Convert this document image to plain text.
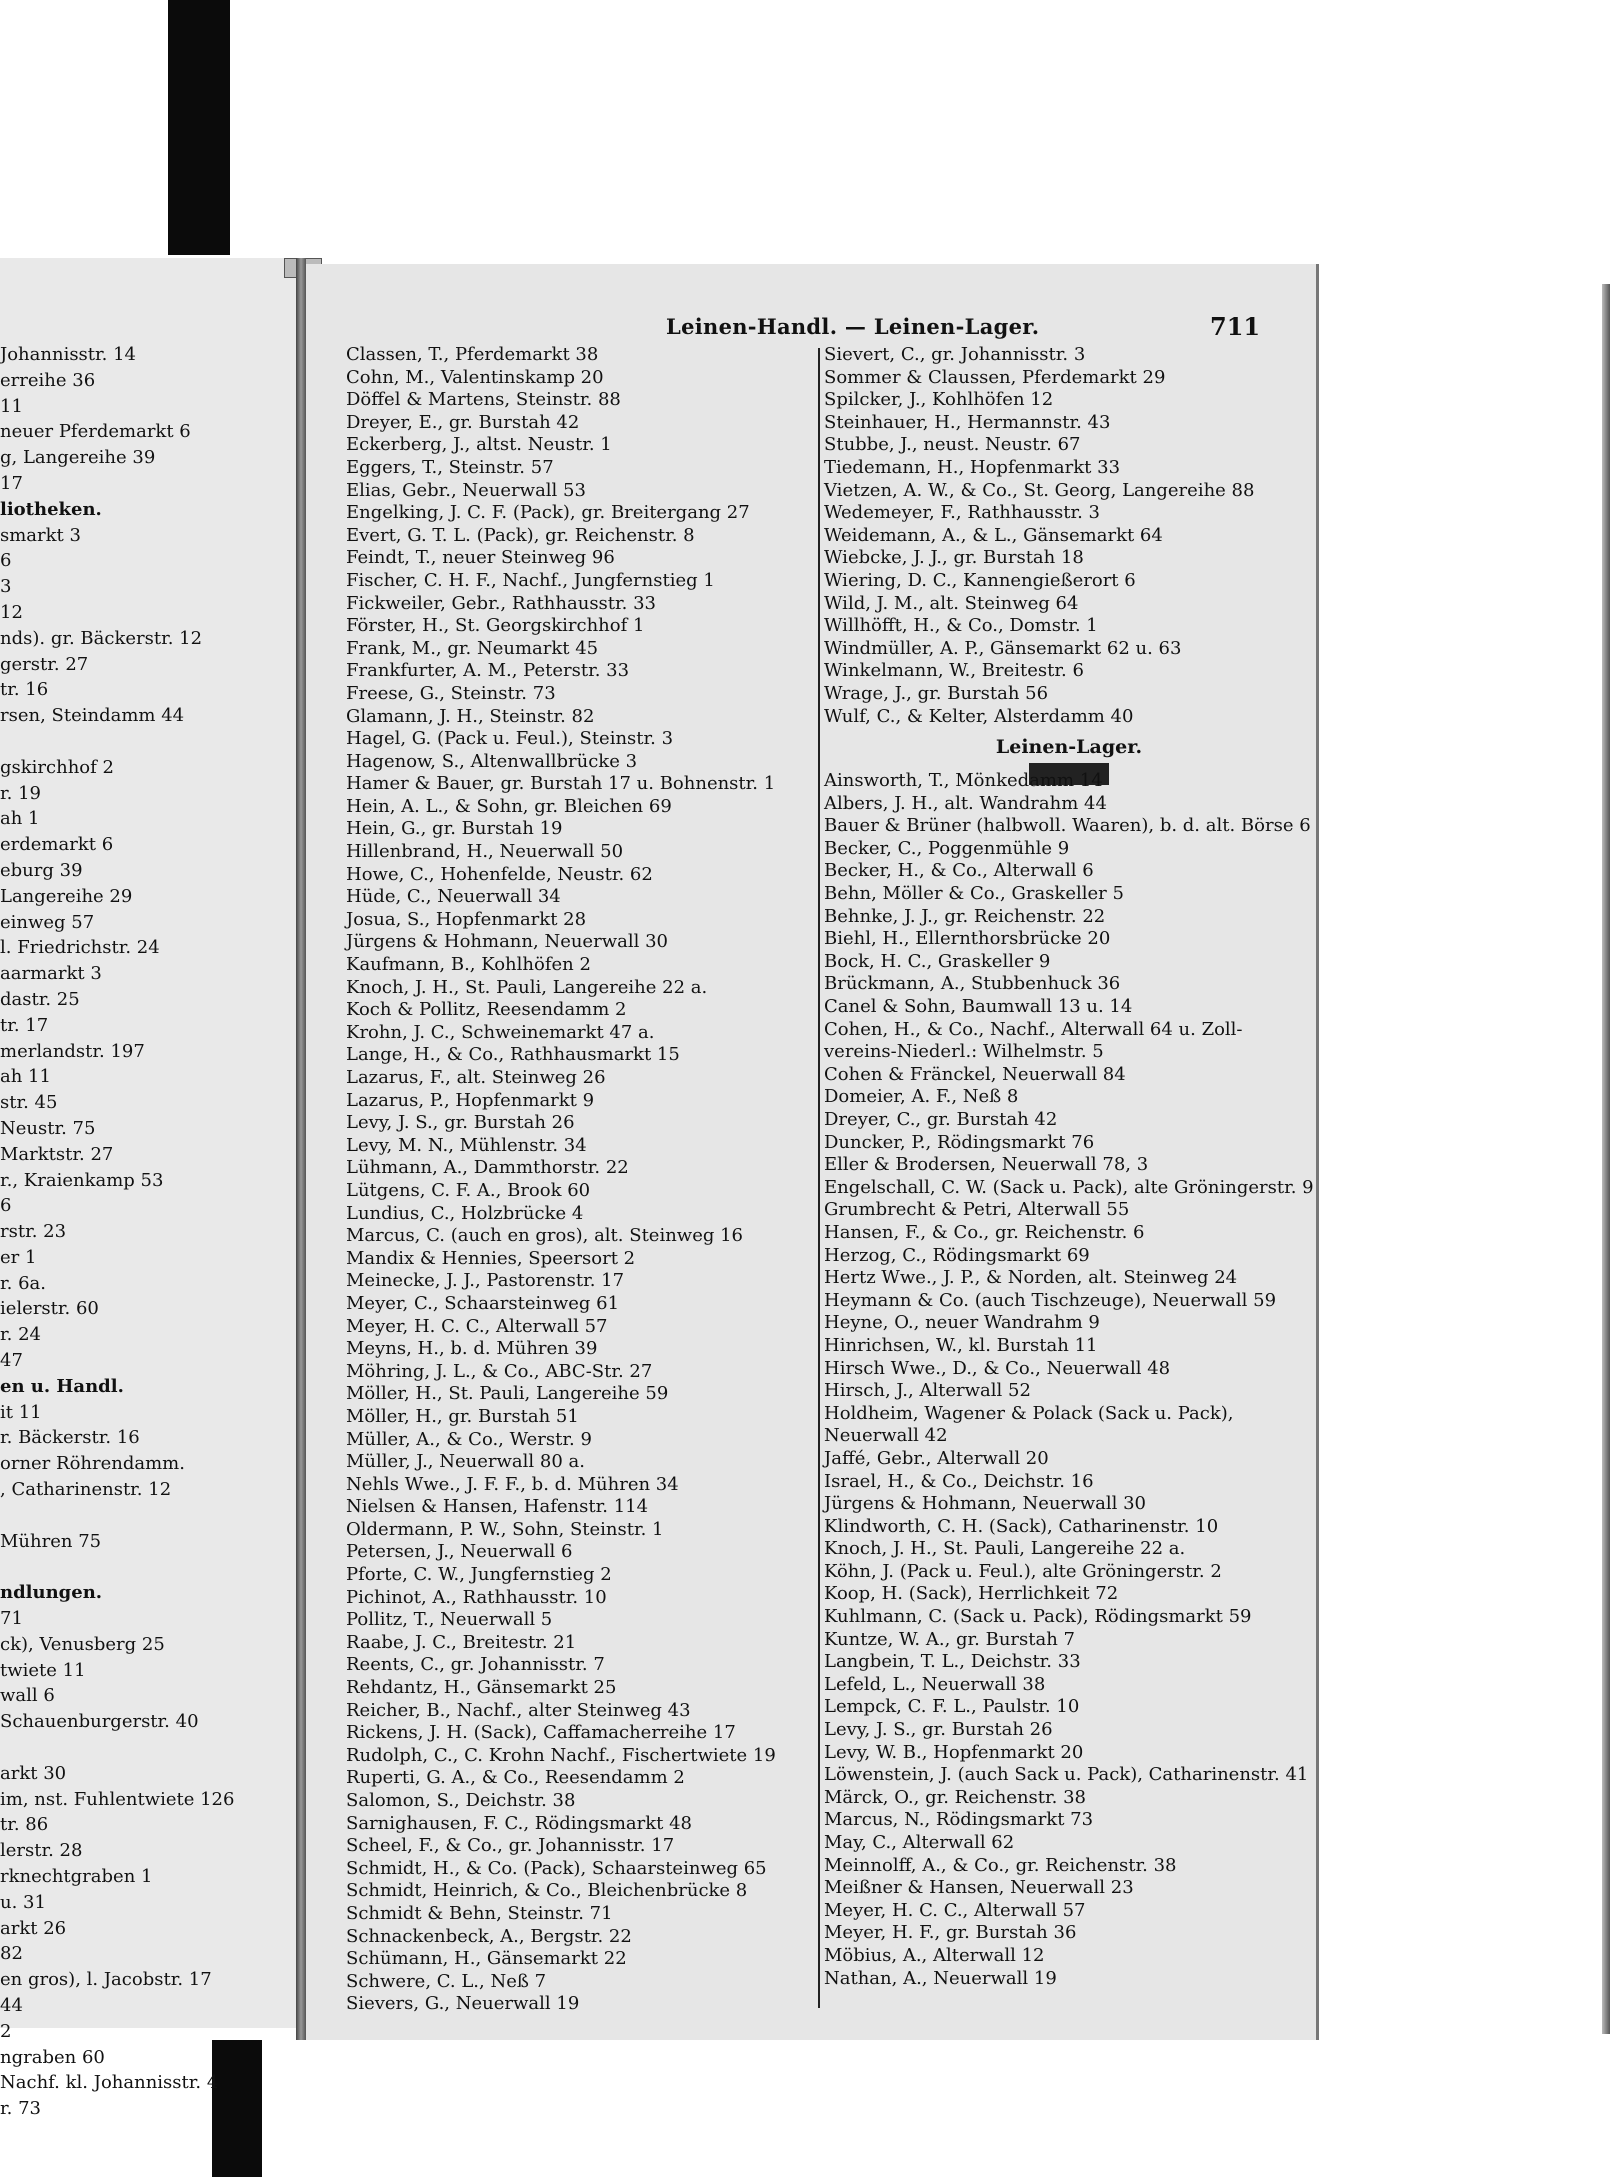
Johannisstr. 14
erreihe 36
11
neuer Pferdemarkt 6
g, Langereihe 39
17
liotheken.
smarkt 3
6
3
12
nds). gr. Bäckerstr. 12
gerstr. 27
tr. 16
rsen, Steindamm 44
gskirchhof 2
r. 19
ah 1
erdemarkt 6
eburg 39
Langereihe 29
einweg 57
l. Friedrichstr. 24
aarmarkt 3
dastr. 25
tr. 17
merlandstr. 197
ah 11
str. 45
Neustr. 75
Marktstr. 27
r., Kraienkamp 53
6
rstr. 23
er 1
r. 6a.
ielerstr. 60
r. 24
47
en u. Handl.
it 11
r. Bäckerstr. 16
orner Röhrendamm.
, Catharinenstr. 12
Mühren 75
ndlungen.
71
ck), Venusberg 25
twiete 11
wall 6
Schauenburgerstr. 40
arkt 30
im, nst. Fuhlentwiete 126
tr. 86
lerstr. 28
rknechtgraben 1
u. 31
arkt 26
82
en gros), l. Jacobstr. 17
44
2
ngraben 60
Nachf. kl. Johannisstr. 4
r. 73
Leinen-Handl. — Leinen-Lager.	711
Classen, T., Pferdemarkt 38
Cohn, M., Valentinskamp 20
Döffel & Martens, Steinstr. 88
Dreyer, E., gr. Burstah 42
Eckerberg, J., altst. Neustr. 1
Eggers, T., Steinstr. 57
Elias, Gebr., Neuerwall 53
Engelking, J. C. F. (Pack), gr. Breitergang 27
Evert, G. T. L. (Pack), gr. Reichenstr. 8
Feindt, T., neuer Steinweg 96
Fischer, C. H. F., Nachf., Jungfernstieg 1
Fickweiler, Gebr., Rathhausstr. 33
Förster, H., St. Georgskirchhof 1
Frank, M., gr. Neumarkt 45
Frankfurter, A. M., Peterstr. 33
Freese, G., Steinstr. 73
Glamann, J. H., Steinstr. 82
Hagel, G. (Pack u. Feul.), Steinstr. 3
Hagenow, S., Altenwallbrücke 3
Hamer & Bauer, gr. Burstah 17 u. Bohnenstr. 1
Hein, A. L., & Sohn, gr. Bleichen 69
Hein, G., gr. Burstah 19
Hillenbrand, H., Neuerwall 50
Howe, C., Hohenfelde, Neustr. 62
Hüde, C., Neuerwall 34
Josua, S., Hopfenmarkt 28
Jürgens & Hohmann, Neuerwall 30
Kaufmann, B., Kohlhöfen 2
Knoch, J. H., St. Pauli, Langereihe 22 a.
Koch & Pollitz, Reesendamm 2
Krohn, J. C., Schweinemarkt 47 a.
Lange, H., & Co., Rathhausmarkt 15
Lazarus, F., alt. Steinweg 26
Lazarus, P., Hopfenmarkt 9
Levy, J. S., gr. Burstah 26
Levy, M. N., Mühlenstr. 34
Lühmann, A., Dammthorstr. 22
Lütgens, C. F. A., Brook 60
Lundius, C., Holzbrücke 4
Marcus, C. (auch en gros), alt. Steinweg 16
Mandix & Hennies, Speersort 2
Meinecke, J. J., Pastorenstr. 17
Meyer, C., Schaarsteinweg 61
Meyer, H. C. C., Alterwall 57
Meyns, H., b. d. Mühren 39
Möhring, J. L., & Co., ABC-Str. 27
Möller, H., St. Pauli, Langereihe 59
Möller, H., gr. Burstah 51
Müller, A., & Co., Werstr. 9
Müller, J., Neuerwall 80 a.
Nehls Wwe., J. F. F., b. d. Mühren 34
Nielsen & Hansen, Hafenstr. 114
Oldermann, P. W., Sohn, Steinstr. 1
Petersen, J., Neuerwall 6
Pforte, C. W., Jungfernstieg 2
Pichinot, A., Rathhausstr. 10
Pollitz, T., Neuerwall 5
Raabe, J. C., Breitestr. 21
Reents, C., gr. Johannisstr. 7
Rehdantz, H., Gänsemarkt 25
Reicher, B., Nachf., alter Steinweg 43
Rickens, J. H. (Sack), Caffamacherreihe 17
Rudolph, C., C. Krohn Nachf., Fischertwiete 19
Ruperti, G. A., & Co., Reesendamm 2
Salomon, S., Deichstr. 38
Sarnighausen, F. C., Rödingsmarkt 48
Scheel, F., & Co., gr. Johannisstr. 17
Schmidt, H., & Co. (Pack), Schaarsteinweg 65
Schmidt, Heinrich, & Co., Bleichenbrücke 8
Schmidt & Behn, Steinstr. 71
Schnackenbeck, A., Bergstr. 22
Schümann, H., Gänsemarkt 22
Schwere, C. L., Neß 7
Sievers, G., Neuerwall 19
Sievert, C., gr. Johannisstr. 3
Sommer & Claussen, Pferdemarkt 29
Spilcker, J., Kohlhöfen 12
Steinhauer, H., Hermannstr. 43
Stubbe, J., neust. Neustr. 67
Tiedemann, H., Hopfenmarkt 33
Vietzen, A. W., & Co., St. Georg, Langereihe 88
Wedemeyer, F., Rathhausstr. 3
Weidemann, A., & L., Gänsemarkt 64
Wiebcke, J. J., gr. Burstah 18
Wiering, D. C., Kannengießerort 6
Wild, J. M., alt. Steinweg 64
Willhöfft, H., & Co., Domstr. 1
Windmüller, A. P., Gänsemarkt 62 u. 63
Winkelmann, W., Breitestr. 6
Wrage, J., gr. Burstah 56
Wulf, C., & Kelter, Alsterdamm 40
Leinen-Lager.
Ainsworth, T., Mönkedamm 14
Albers, J. H., alt. Wandrahm 44
Bauer & Brüner (halbwoll. Waaren), b. d. alt. Börse 6
Becker, C., Poggenmühle 9
Becker, H., & Co., Alterwall 6
Behn, Möller & Co., Graskeller 5
Behnke, J. J., gr. Reichenstr. 22
Biehl, H., Ellernthorsbrücke 20
Bock, H. C., Graskeller 9
Brückmann, A., Stubbenhuck 36
Canel & Sohn, Baumwall 13 u. 14
Cohen, H., & Co., Nachf., Alterwall 64 u. Zoll-
vereins-Niederl.: Wilhelmstr. 5
Cohen & Fränckel, Neuerwall 84
Domeier, A. F., Neß 8
Dreyer, C., gr. Burstah 42
Duncker, P., Rödingsmarkt 76
Eller & Brodersen, Neuerwall 78, 3
Engelschall, C. W. (Sack u. Pack), alte Gröningerstr. 9
Grumbrecht & Petri, Alterwall 55
Hansen, F., & Co., gr. Reichenstr. 6
Herzog, C., Rödingsmarkt 69
Hertz Wwe., J. P., & Norden, alt. Steinweg 24
Heymann & Co. (auch Tischzeuge), Neuerwall 59
Heyne, O., neuer Wandrahm 9
Hinrichsen, W., kl. Burstah 11
Hirsch Wwe., D., & Co., Neuerwall 48
Hirsch, J., Alterwall 52
Holdheim, Wagener & Polack (Sack u. Pack),
Neuerwall 42
Jaffé, Gebr., Alterwall 20
Israel, H., & Co., Deichstr. 16
Jürgens & Hohmann, Neuerwall 30
Klindworth, C. H. (Sack), Catharinenstr. 10
Knoch, J. H., St. Pauli, Langereihe 22 a.
Köhn, J. (Pack u. Feul.), alte Gröningerstr. 2
Koop, H. (Sack), Herrlichkeit 72
Kuhlmann, C. (Sack u. Pack), Rödingsmarkt 59
Kuntze, W. A., gr. Burstah 7
Langbein, T. L., Deichstr. 33
Lefeld, L., Neuerwall 38
Lempck, C. F. L., Paulstr. 10
Levy, J. S., gr. Burstah 26
Levy, W. B., Hopfenmarkt 20
Löwenstein, J. (auch Sack u. Pack), Catharinenstr. 41
Märck, O., gr. Reichenstr. 38
Marcus, N., Rödingsmarkt 73
May, C., Alterwall 62
Meinnolff, A., & Co., gr. Reichenstr. 38
Meißner & Hansen, Neuerwall 23
Meyer, H. C. C., Alterwall 57
Meyer, H. F., gr. Burstah 36
Möbius, A., Alterwall 12
Nathan, A., Neuerwall 19
